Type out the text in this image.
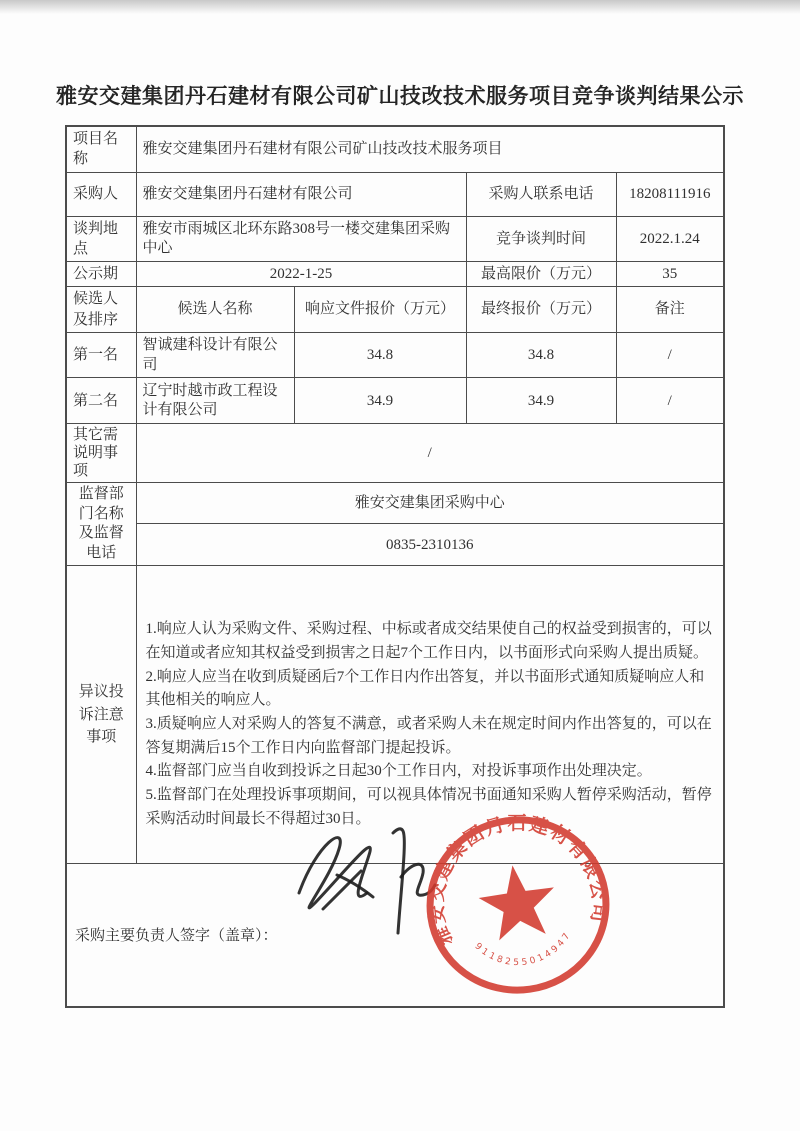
雅安交建集团丹石建材有限公司矿山技改技术服务项目竞争谈判结果公示
项目名称	雅安交建集团丹石建材有限公司矿山技改技术服务项目			
采购人	雅安交建集团丹石建材有限公司		采购人联系电话	18208111916
谈判地点	雅安市雨城区北环东路308号一楼交建集团采购中心		竞争谈判时间	2022.1.24
公示期	2022-1-25		最高限价（万元）	35
候选人及排序	候选人名称	响应文件报价（万元）	最终报价（万元）	备注
第一名	智诚建科设计有限公司	34.8	34.8	/
第二名	辽宁时越市政工程设计有限公司	34.9	34.9	/
其它需说明事项	/			
监督部门名称及监督电话	雅安交建集团采购中心			
	0835-2310136			
异议投诉注意事项	1.响应人认为采购文件、采购过程、中标或者成交结果使自己的权益受到损害的，可以在知道或者应知其权益受到损害之日起7个工作日内，以书面形式向采购人提出质疑。
2.响应人应当在收到质疑函后7个工作日内作出答复，并以书面形式通知质疑响应人和其他相关的响应人。
3.质疑响应人对采购人的答复不满意，或者采购人未在规定时间内作出答复的，可以在答复期满后15个工作日内向监督部门提起投诉。
4.监督部门应当自收到投诉之日起30个工作日内，对投诉事项作出处理决定。
5.监督部门在处理投诉事项期间，可以视具体情况书面通知采购人暂停采购活动，暂停采购活动时间最长不得超过30日。			

采购主要负责人签字（盖章）：					雅安交建集团丹石建材有限公司
9118255014947
